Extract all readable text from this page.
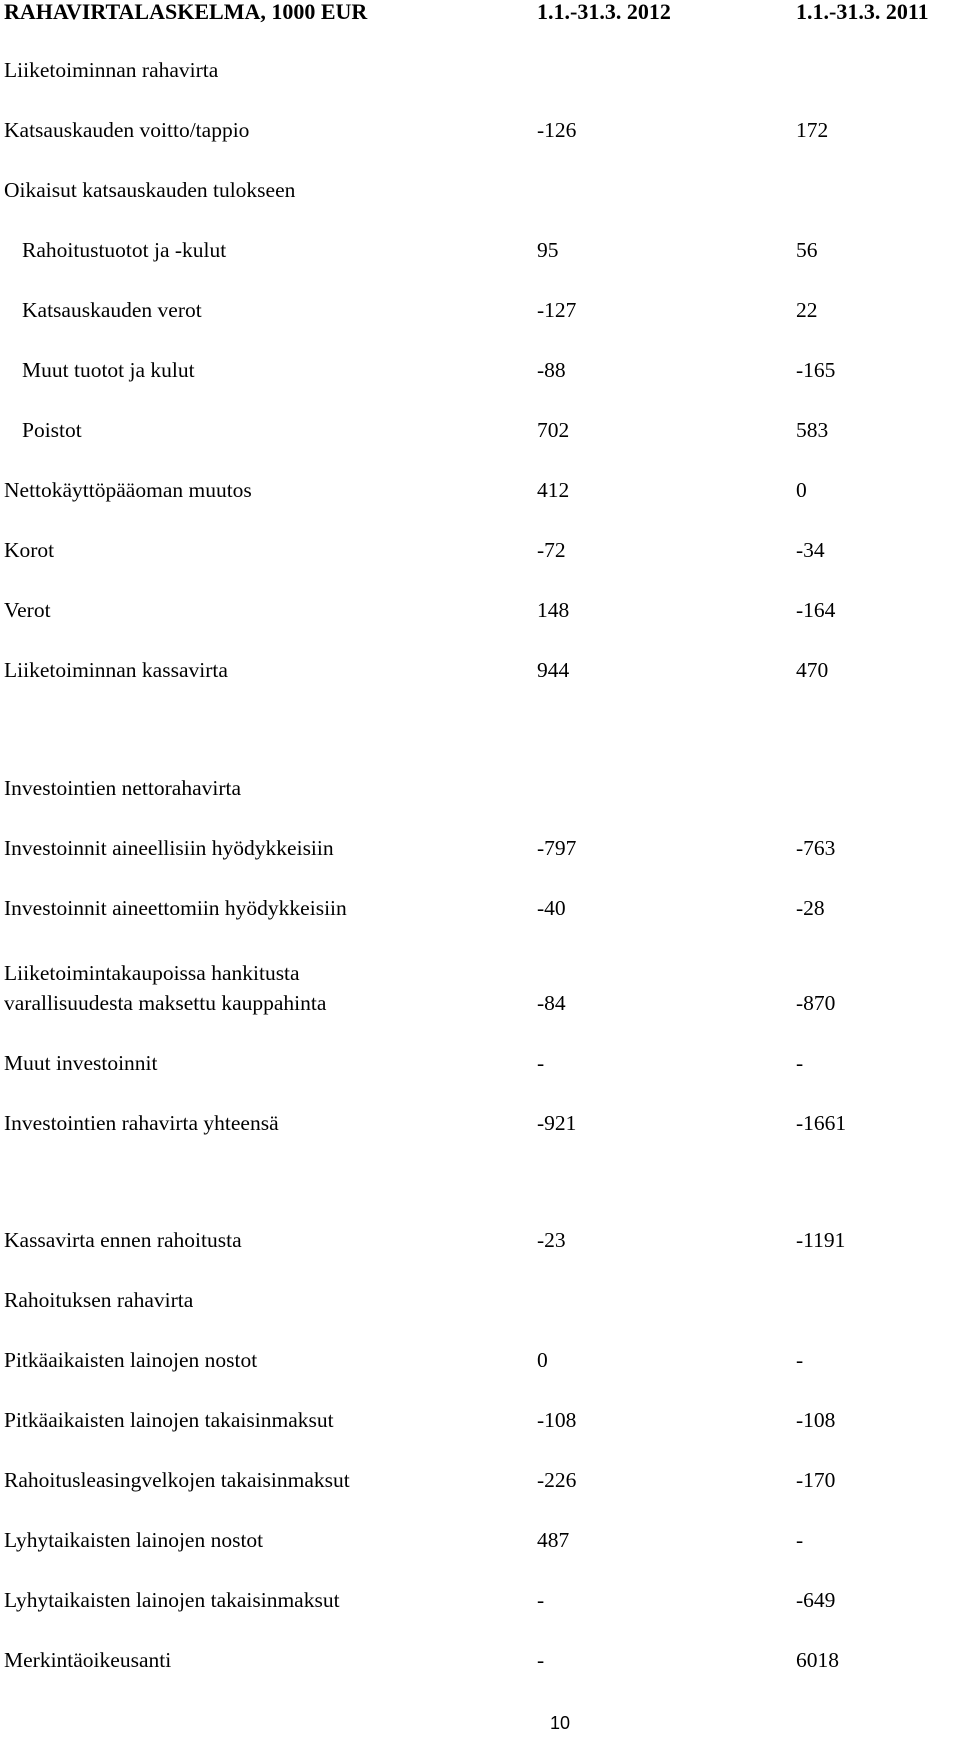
RAHAVIRTALASKELMA, 1000 EUR	1.1.-31.3. 2012	1.1.-31.3. 2011
Liiketoiminnan rahavirta
Katsauskauden voitto/tappio	-126	172
Oikaisut katsauskauden tulokseen
Rahoitustuotot ja -kulut	95	56
Katsauskauden verot	-127	22
Muut tuotot ja kulut	-88	-165
Poistot	702	583
Nettokäyttöpääoman muutos	412	0
Korot	-72	-34
Verot	148	-164
Liiketoiminnan kassavirta	944	470
Investointien nettorahavirta
Investoinnit aineellisiin hyödykkeisiin	-797	-763
Investoinnit aineettomiin hyödykkeisiin	-40	-28
Liiketoimintakaupoissa hankitusta
varallisuudesta maksettu kauppahinta	-84	-870
Muut investoinnit	-	-
Investointien rahavirta yhteensä	-921	-1661
Kassavirta ennen rahoitusta	-23	-1191
Rahoituksen rahavirta
Pitkäaikaisten lainojen nostot	0	-
Pitkäaikaisten lainojen takaisinmaksut	-108	-108
Rahoitusleasingvelkojen takaisinmaksut	-226	-170
Lyhytaikaisten lainojen nostot	487	-
Lyhytaikaisten lainojen takaisinmaksut	-	-649
Merkintäoikeusanti	-	6018
10
